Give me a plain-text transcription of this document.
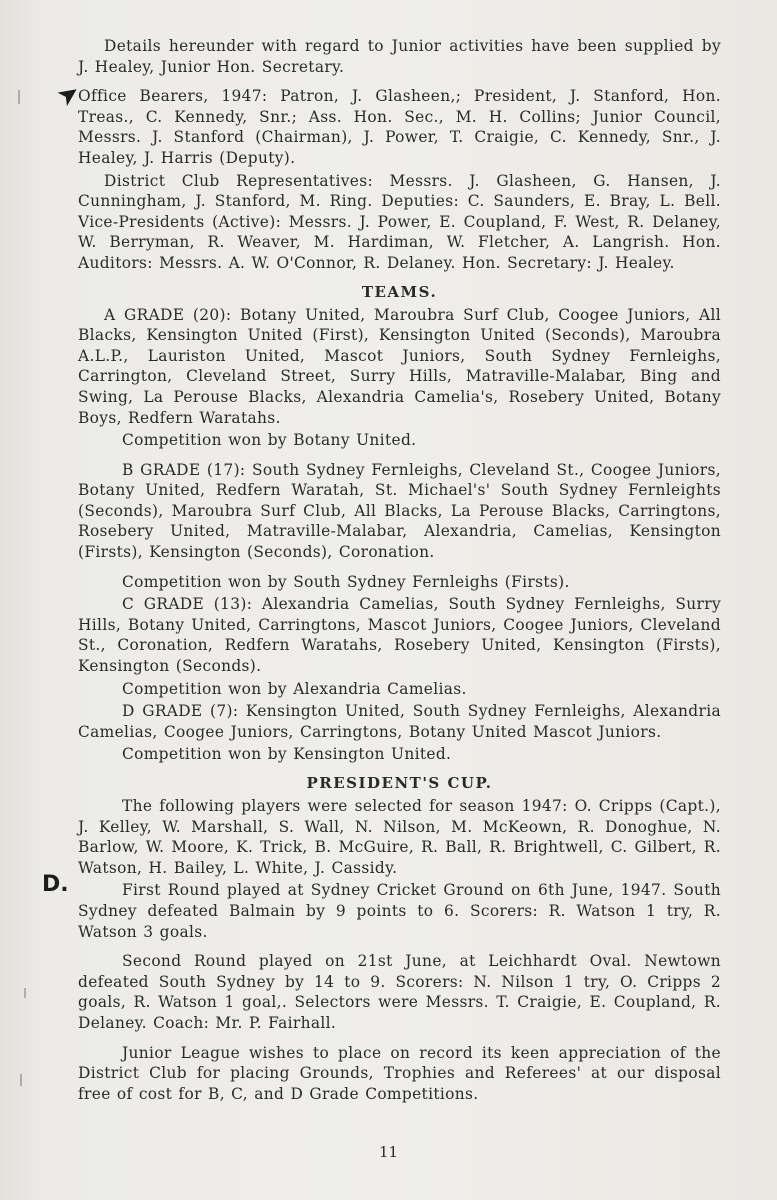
Details hereunder with regard to Junior activities have been supplied by J. Healey, Junior Hon. Secretary.

Office Bearers, 1947: Patron, J. Glasheen,; President, J. Stanford, Hon. Treas., C. Kennedy, Snr.; Ass. Hon. Sec., M. H. Collins; Junior Council, Messrs. J. Stanford (Chairman), J. Power, T. Craigie, C. Kennedy, Snr., J. Healey, J. Harris (Deputy).

District Club Representatives: Messrs. J. Glasheen, G. Hansen, J. Cunningham, J. Stanford, M. Ring. Deputies: C. Saunders, E. Bray, L. Bell. Vice-Presidents (Active): Messrs. J. Power, E. Coupland, F. West, R. Delaney, W. Berryman, R. Weaver, M. Hardiman, W. Fletcher, A. Langrish. Hon. Auditors: Messrs. A. W. O'Connor, R. Delaney. Hon. Secretary: J. Healey.

TEAMS.

A GRADE (20): Botany United, Maroubra Surf Club, Coogee Juniors, All Blacks, Kensington United (First), Kensington United (Seconds), Maroubra A.L.P., Lauriston United, Mascot Juniors, South Sydney Fernleighs, Carrington, Cleveland Street, Surry Hills, Matraville-Malabar, Bing and Swing, La Perouse Blacks, Alexandria Camelia's, Rosebery United, Botany Boys, Redfern Waratahs.

Competition won by Botany United.

B GRADE (17): South Sydney Fernleighs, Cleveland St., Coogee Juniors, Botany United, Redfern Waratah, St. Michael's' South Sydney Fernleights (Seconds), Maroubra Surf Club, All Blacks, La Perouse Blacks, Carringtons, Rosebery United, Matraville-Malabar, Alexandria, Camelias, Kensington (Firsts), Kensington (Seconds), Coronation.

Competition won by South Sydney Fernleighs (Firsts).

C GRADE (13): Alexandria Camelias, South Sydney Fernleighs, Surry Hills, Botany United, Carringtons, Mascot Juniors, Coogee Juniors, Cleveland St., Coronation, Redfern Waratahs, Rosebery United, Kensington (Firsts), Kensington (Seconds).

Competition won by Alexandria Camelias.

D GRADE (7): Kensington United, South Sydney Fernleighs, Alexandria Camelias, Coogee Juniors, Carringtons, Botany United Mascot Juniors.

Competition won by Kensington United.

PRESIDENT'S CUP.

The following players were selected for season 1947: O. Cripps (Capt.), J. Kelley, W. Marshall, S. Wall, N. Nilson, M. McKeown, R. Donoghue, N. Barlow, W. Moore, K. Trick, B. McGuire, R. Ball, R. Brightwell, C. Gilbert, R. Watson, H. Bailey, L. White, J. Cassidy.

First Round played at Sydney Cricket Ground on 6th June, 1947. South Sydney defeated Balmain by 9 points to 6. Scorers: R. Watson 1 try, R. Watson 3 goals.

Second Round played on 21st June, at Leichhardt Oval. Newtown defeated South Sydney by 14 to 9. Scorers: N. Nilson 1 try, O. Cripps 2 goals, R. Watson 1 goal,. Selectors were Messrs. T. Craigie, E. Coupland, R. Delaney. Coach: Mr. P. Fairhall.

Junior League wishes to place on record its keen appreciation of the District Club for placing Grounds, Trophies and Referees' at our disposal free of cost for B, C, and D Grade Competitions.

11
➤
D.
